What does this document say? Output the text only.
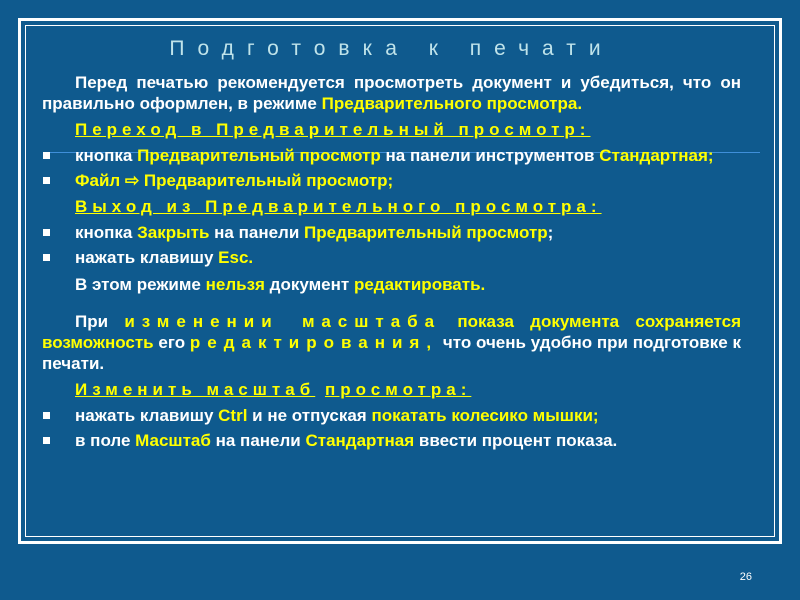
Подготовка к печати

Перед печатью рекомендуется просмотреть документ и убедиться, что он правильно оформлен, в режиме Предварительного просмотра.

Переход в Предварительный просмотр:
кнопка Предварительный просмотр на панели инструментов Стандартная;
Файл ⇨ Предварительный просмотр;
Выход из Предварительного просмотра:
кнопка Закрыть на панели Предварительный просмотр;
нажать клавишу Esc.
В этом режиме нельзя документ редактировать.

При изменении масштаба показа документа сохраняется возможность его редактирования, что очень удобно при подготовке к печати.

Изменить масштаб просмотра:
нажать клавишу Ctrl и не отпуская покатать колесико мышки;
в поле Масштаб на панели Стандартная ввести процент показа.
26
